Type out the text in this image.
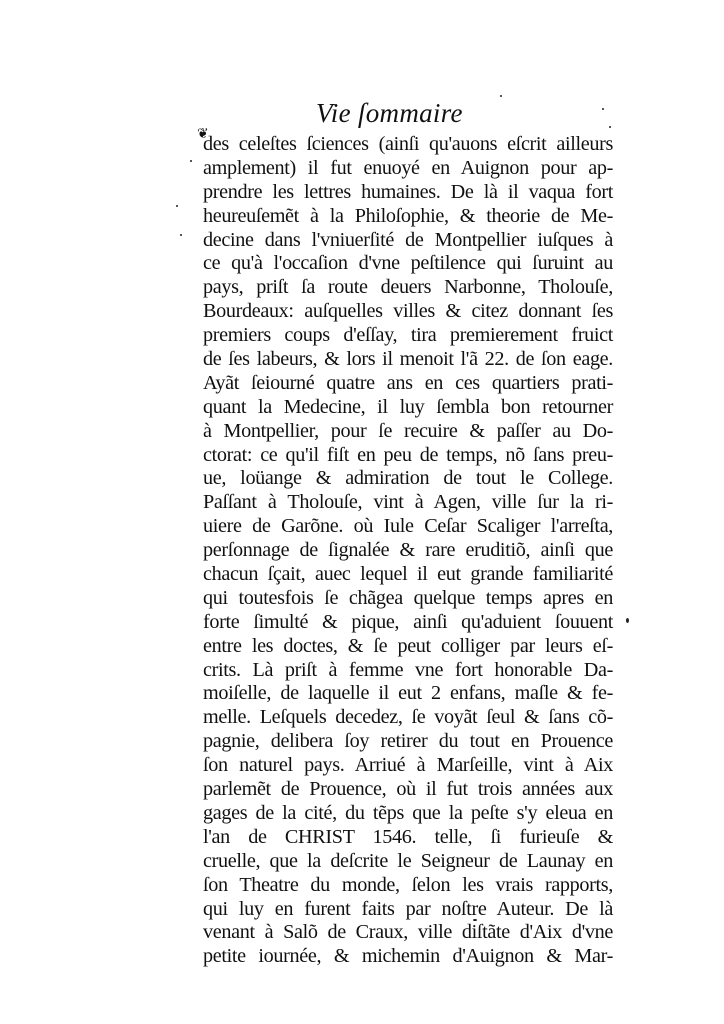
Vie ſommaire
❦
des celeſtes ſciences (ainſi qu'auons eſcrit ailleurs
amplement) il fut enuoyé en Auignon pour ap-
prendre les lettres humaines. De là il vaqua fort
heureuſemẽt à la Philoſophie, & theorie de Me-
decine dans l'vniuerſité de Montpellier iuſques à
ce qu'à l'occaſion d'vne peſtilence qui ſuruint au
pays, priſt ſa route deuers Narbonne, Tholouſe,
Bourdeaux: auſquelles villes & citez donnant ſes
premiers coups d'eſſay, tira premierement fruict
de ſes labeurs, & lors il menoit l'ã 22. de ſon eage.
Ayãt ſeiourné quatre ans en ces quartiers prati-
quant la Medecine, il luy ſembla bon retourner
à Montpellier, pour ſe recuire & paſſer au Do-
ctorat: ce qu'il fiſt en peu de temps, nõ ſans preu-
ue, loüange & admiration de tout le College.
Paſſant à Tholouſe, vint à Agen, ville ſur la ri-
uiere de Garõne. où Iule Ceſar Scaliger l'arreſta,
perſonnage de ſignalée & rare eruditiõ, ainſi que
chacun ſçait, auec lequel il eut grande familiarité
qui toutesfois ſe chãgea quelque temps apres en
forte ſimulté & pique, ainſi qu'aduient ſouuent
entre les doctes, & ſe peut colliger par leurs eſ-
crits. Là priſt à femme vne fort honorable Da-
moiſelle, de laquelle il eut 2 enfans, maſle & fe-
melle. Leſquels decedez, ſe voyãt ſeul & ſans cõ-
pagnie, delibera ſoy retirer du tout en Prouence
ſon naturel pays. Arriué à Marſeille, vint à Aix
parlemẽt de Prouence, où il fut trois années aux
gages de la cité, du tẽps que la peſte s'y eleua en
l'an de CHRIST 1546. telle, ſi furieuſe &
cruelle, que la deſcrite le Seigneur de Launay en
ſon Theatre du monde, ſelon les vrais rapports,
qui luy en furent faits par noſtre Auteur. De là
venant à Salõ de Craux, ville diſtãte d'Aix d'vne
petite iournée, & michemin d'Auignon & Mar-
